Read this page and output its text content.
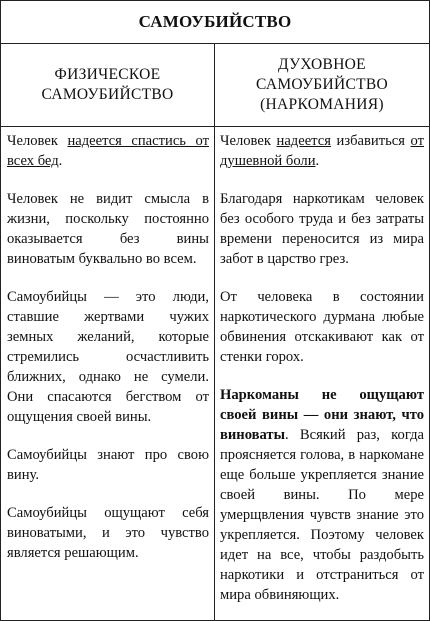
САМОУБИЙСТВО
ФИЗИЧЕСКОЕ
САМОУБИЙСТВО
ДУХОВНОЕ
САМОУБИЙСТВО
(НАРКОМАНИЯ)

Человек надеется спастись от всех бед.

Человек не видит смысла в жизни, поскольку постоянно оказывается без вины виноватым буквально во всем.

Самоубийцы — это люди, ставшие жертвами чужих земных желаний, которые стремились осчастливить ближних, однако не сумели. Они спасаются бегством от ощущения своей вины.

Самоубийцы знают про свою вину.

Самоубийцы ощущают себя виноватыми, и это чувство является решающим.

Человек надеется избавиться от душевной боли.

Благодаря наркотикам человек без особого труда и без затраты времени переносится из мира забот в царство грез.

От человека в состоянии наркотического дурмана любые обвинения отскакивают как от стенки горох.

Наркоманы не ощущают своей вины — они знают, что виноваты. Всякий раз, когда проясняется голова, в наркомане еще больше укрепляется знание своей вины. По мере умерщвления чувств знание это укрепляется. Поэтому человек идет на все, чтобы раздобыть наркотики и отстраниться от мира обвиняющих.
